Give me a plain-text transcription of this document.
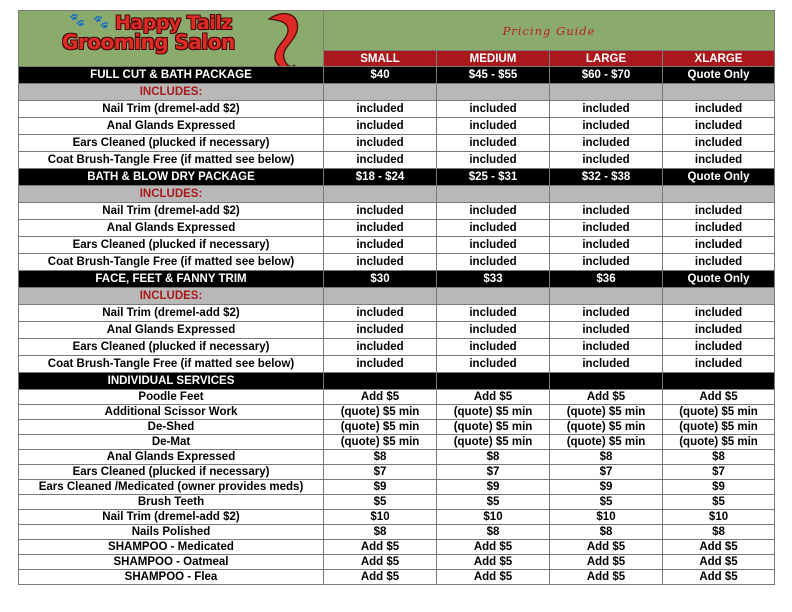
🐾 🐾 Happy Tailz
Grooming Salon	Pricing Guide			
	SMALL	MEDIUM	LARGE	XLARGE
FULL CUT & BATH PACKAGE	$40	$45 - $55	$60 - $70	Quote Only
INCLUDES:				
Nail Trim (dremel-add $2)	included	included	included	included
Anal Glands Expressed	included	included	included	included
Ears Cleaned (plucked if necessary)	included	included	included	included
Coat Brush-Tangle Free (if matted see below)	included	included	included	included
BATH & BLOW DRY PACKAGE	$18 - $24	$25 - $31	$32 - $38	Quote Only
INCLUDES:				
Nail Trim (dremel-add $2)	included	included	included	included
Anal Glands Expressed	included	included	included	included
Ears Cleaned (plucked if necessary)	included	included	included	included
Coat Brush-Tangle Free (if matted see below)	included	included	included	included
FACE, FEET & FANNY TRIM	$30	$33	$36	Quote Only
INCLUDES:				
Nail Trim (dremel-add $2)	included	included	included	included
Anal Glands Expressed	included	included	included	included
Ears Cleaned (plucked if necessary)	included	included	included	included
Coat Brush-Tangle Free (if matted see below)	included	included	included	included
INDIVIDUAL SERVICES				
Poodle Feet	Add $5	Add $5	Add $5	Add $5
Additional Scissor Work	(quote) $5 min	(quote) $5 min	(quote) $5 min	(quote) $5 min
De-Shed	(quote) $5 min	(quote) $5 min	(quote) $5 min	(quote) $5 min
De-Mat	(quote) $5 min	(quote) $5 min	(quote) $5 min	(quote) $5 min
Anal Glands Expressed	$8	$8	$8	$8
Ears Cleaned (plucked if necessary)	$7	$7	$7	$7
Ears Cleaned /Medicated (owner provides meds)	$9	$9	$9	$9
Brush Teeth	$5	$5	$5	$5
Nail Trim (dremel-add $2)	$10	$10	$10	$10
Nails Polished	$8	$8	$8	$8
SHAMPOO - Medicated	Add $5	Add $5	Add $5	Add $5
SHAMPOO - Oatmeal	Add $5	Add $5	Add $5	Add $5
SHAMPOO - Flea	Add $5	Add $5	Add $5	Add $5
